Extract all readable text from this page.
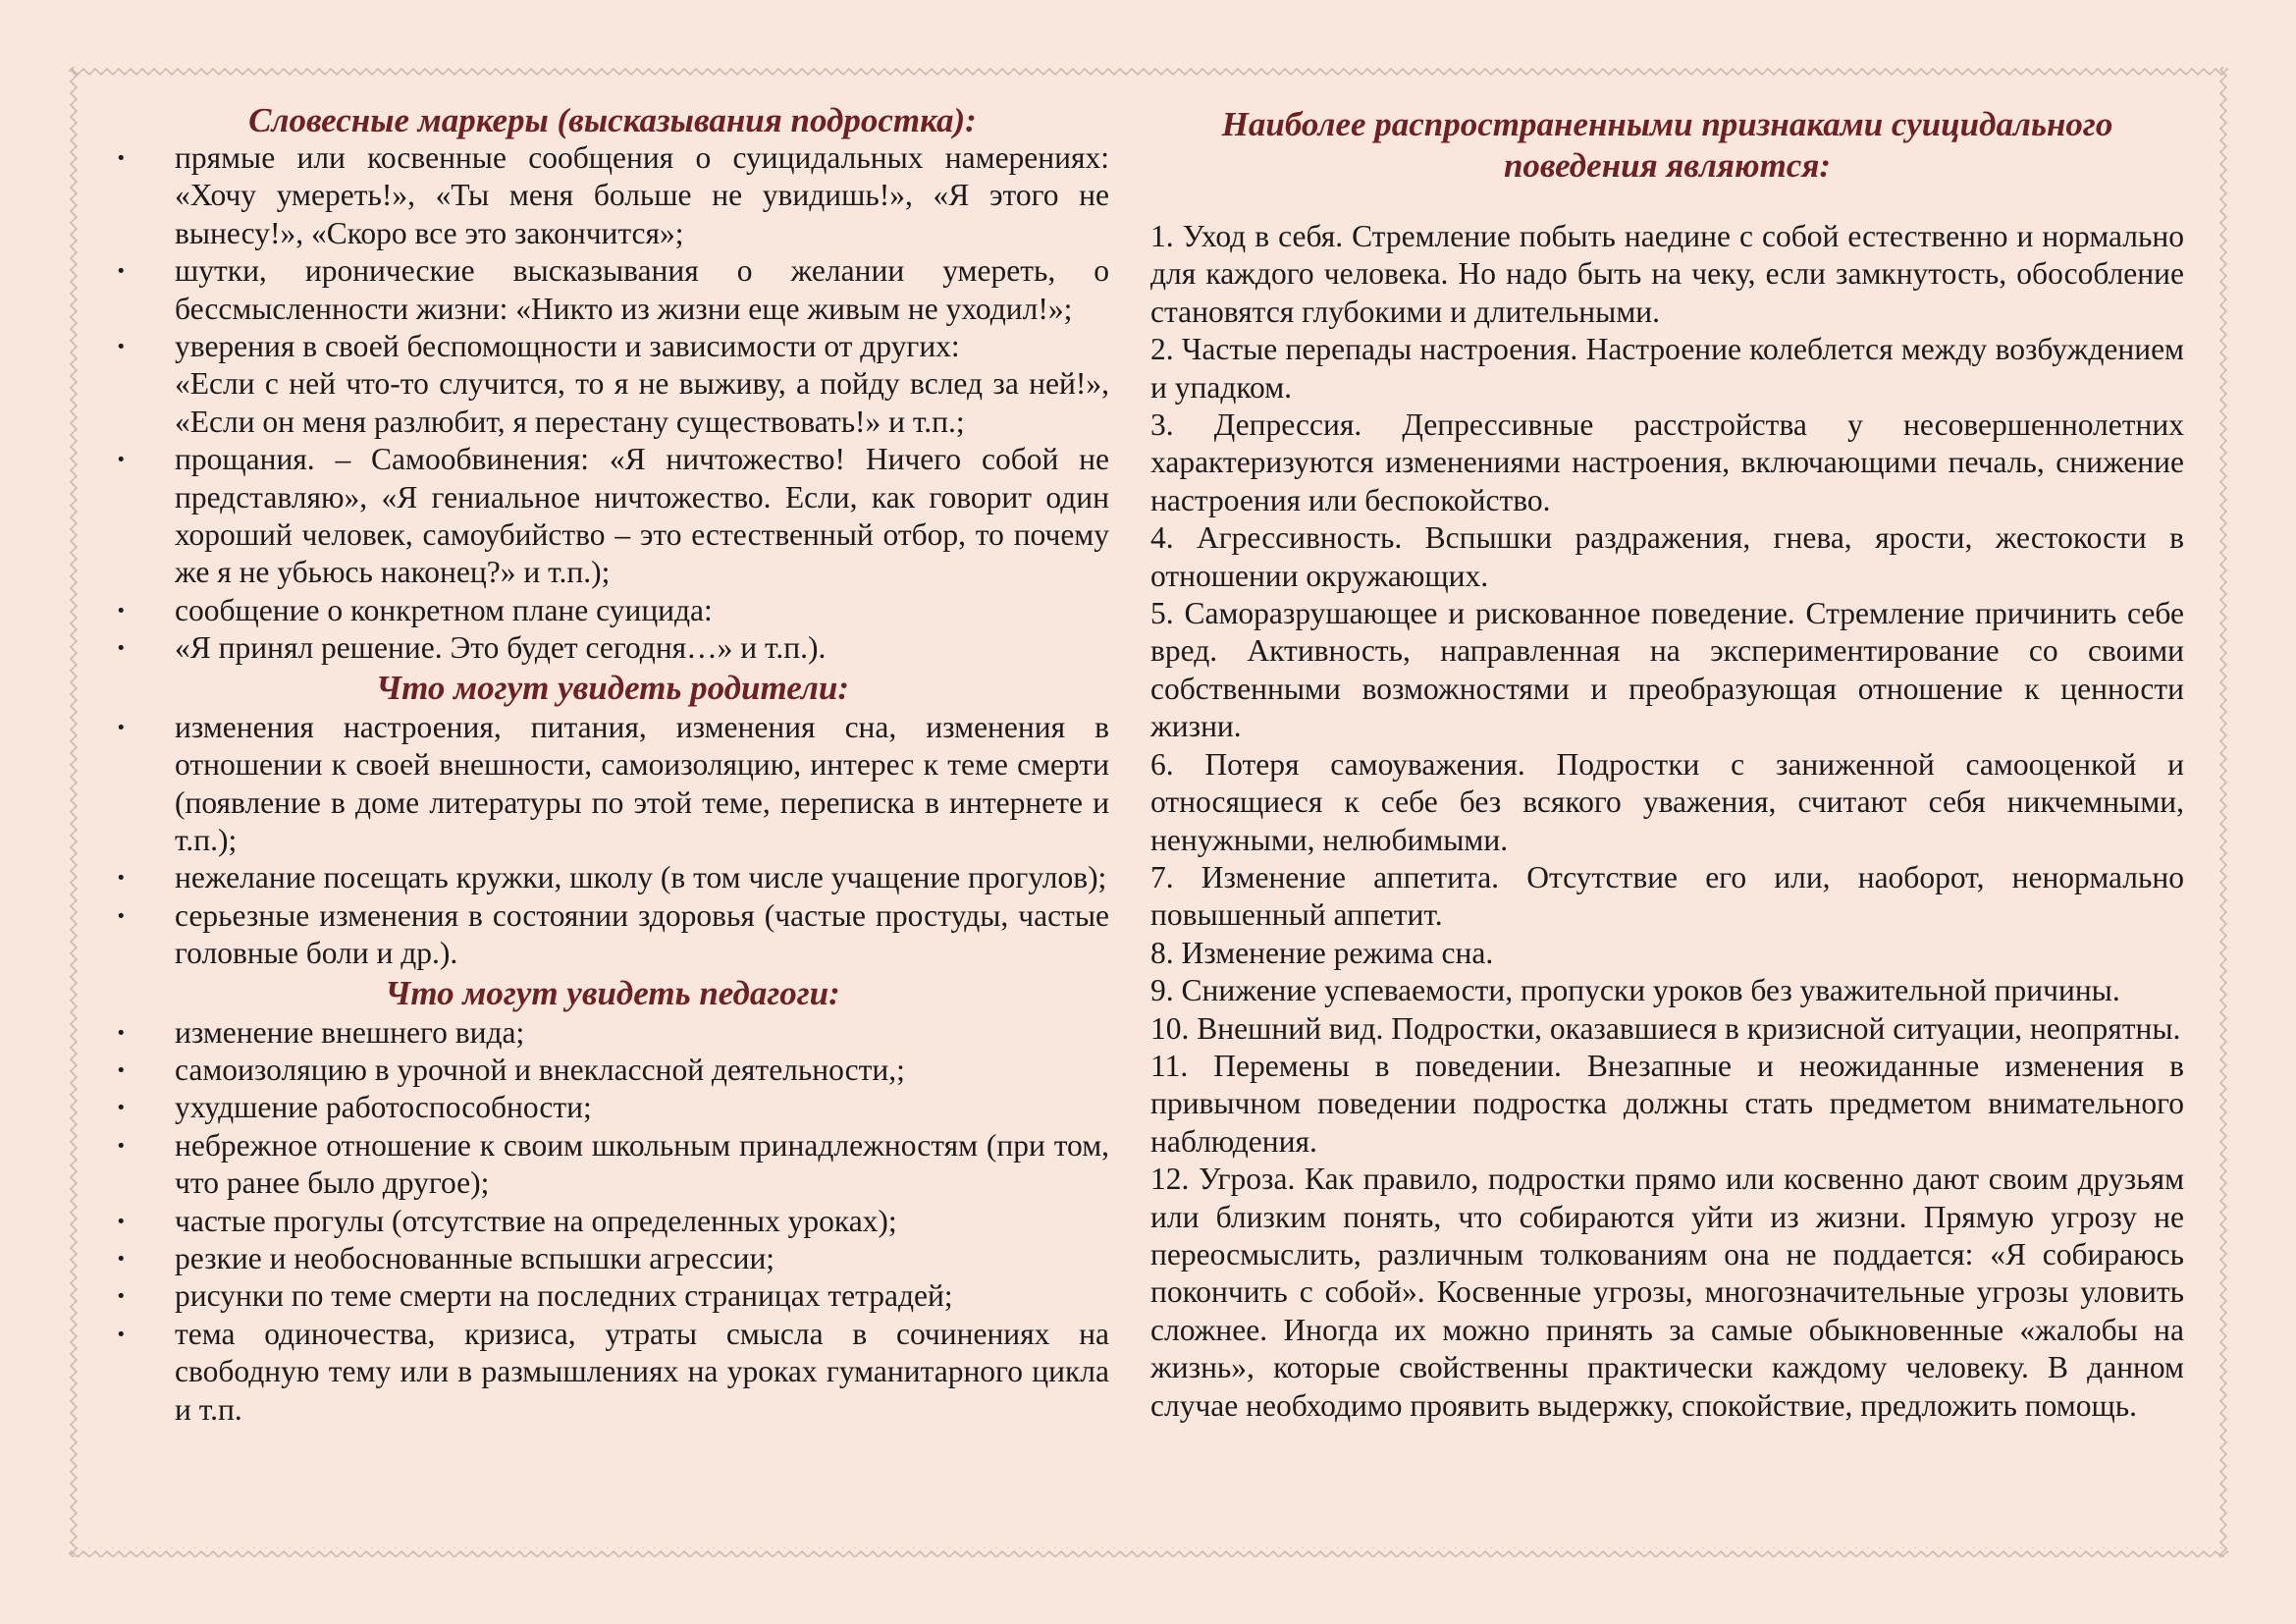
Словесные маркеры (высказывания подростка):
· прямые или косвенные сообщения о суицидальных намерениях: «Хочу умереть!», «Ты меня больше не увидишь!», «Я этого не вынесу!», «Скоро все это закончится»;
· шутки, иронические высказывания о желании умереть, о бессмысленности жизни: «Никто из жизни еще живым не уходил!»;
· уверения в своей беспомощности и зависимости от других:
«Если с ней что-то случится, то я не выживу, а пойду вслед за ней!», «Если он меня разлюбит, я перестану существовать!» и т.п.;
· прощания. – Самообвинения: «Я ничтожество! Ничего собой не представляю», «Я гениальное ничтожество. Если, как говорит один хороший человек, самоубийство – это естественный отбор, то почему же я не убьюсь наконец?» и т.п.);
· сообщение о конкретном плане суицида:
· «Я принял решение. Это будет сегодня…» и т.п.).
Что могут увидеть родители:
· изменения настроения, питания, изменения сна, изменения в отношении к своей внешности, самоизоляцию, интерес к теме смерти (появление в доме литературы по этой теме, переписка в интернете и т.п.);
· нежелание посещать кружки, школу (в том числе учащение прогулов);
· серьезные изменения в состоянии здоровья (частые простуды, частые головные боли и др.).
Что могут увидеть педагоги:
· изменение внешнего вида;
· самоизоляцию в урочной и внеклассной деятельности,;
· ухудшение работоспособности;
· небрежное отношение к своим школьным принадлежностям (при том, что ранее было другое);
· частые прогулы (отсутствие на определенных уроках);
· резкие и необоснованные вспышки агрессии;
· рисунки по теме смерти на последних страницах тетрадей;
· тема одиночества, кризиса, утраты смысла в сочинениях на свободную тему или в размышлениях на уроках гуманитарного цикла и т.п.
Наиболее распространенными признаками суицидального поведения являются:
1. Уход в себя. Стремление побыть наедине с собой естественно и нормально для каждого человека. Но надо быть на чеку, если замкнутость, обособление становятся глубокими и длительными.
2. Частые перепады настроения. Настроение колеблется между возбуждением и упадком.
3. Депрессия. Депрессивные расстройства у несовершеннолетних характеризуются изменениями настроения, включающими печаль, снижение настроения или беспокойство.
4. Агрессивность. Вспышки раздражения, гнева, ярости, жестокости в отношении окружающих.
5. Саморазрушающее и рискованное поведение. Стремление причинить себе вред. Активность, направленная на экспериментирование со своими собственными возможностями и преобразующая отношение к ценности жизни.
6. Потеря самоуважения. Подростки с заниженной самооценкой и относящиеся к себе без всякого уважения, считают себя никчемными, ненужными, нелюбимыми.
7. Изменение аппетита. Отсутствие его или, наоборот, ненормально повышенный аппетит.
8. Изменение режима сна.
9. Снижение успеваемости, пропуски уроков без уважительной причины.
10. Внешний вид. Подростки, оказавшиеся в кризисной ситуации, неопрятны.
11. Перемены в поведении. Внезапные и неожиданные изменения в привычном поведении подростка должны стать предметом внимательного наблюдения.
12. Угроза. Как правило, подростки прямо или косвенно дают своим друзьям или близким понять, что собираются уйти из жизни. Прямую угрозу не переосмыслить, различным толкованиям она не поддается: «Я собираюсь покончить с собой». Косвенные угрозы, многозначительные угрозы уловить сложнее. Иногда их можно принять за самые обыкновенные «жалобы на жизнь», которые свойственны практически каждому человеку. В данном случае необходимо проявить выдержку, спокойствие, предложить помощь.
